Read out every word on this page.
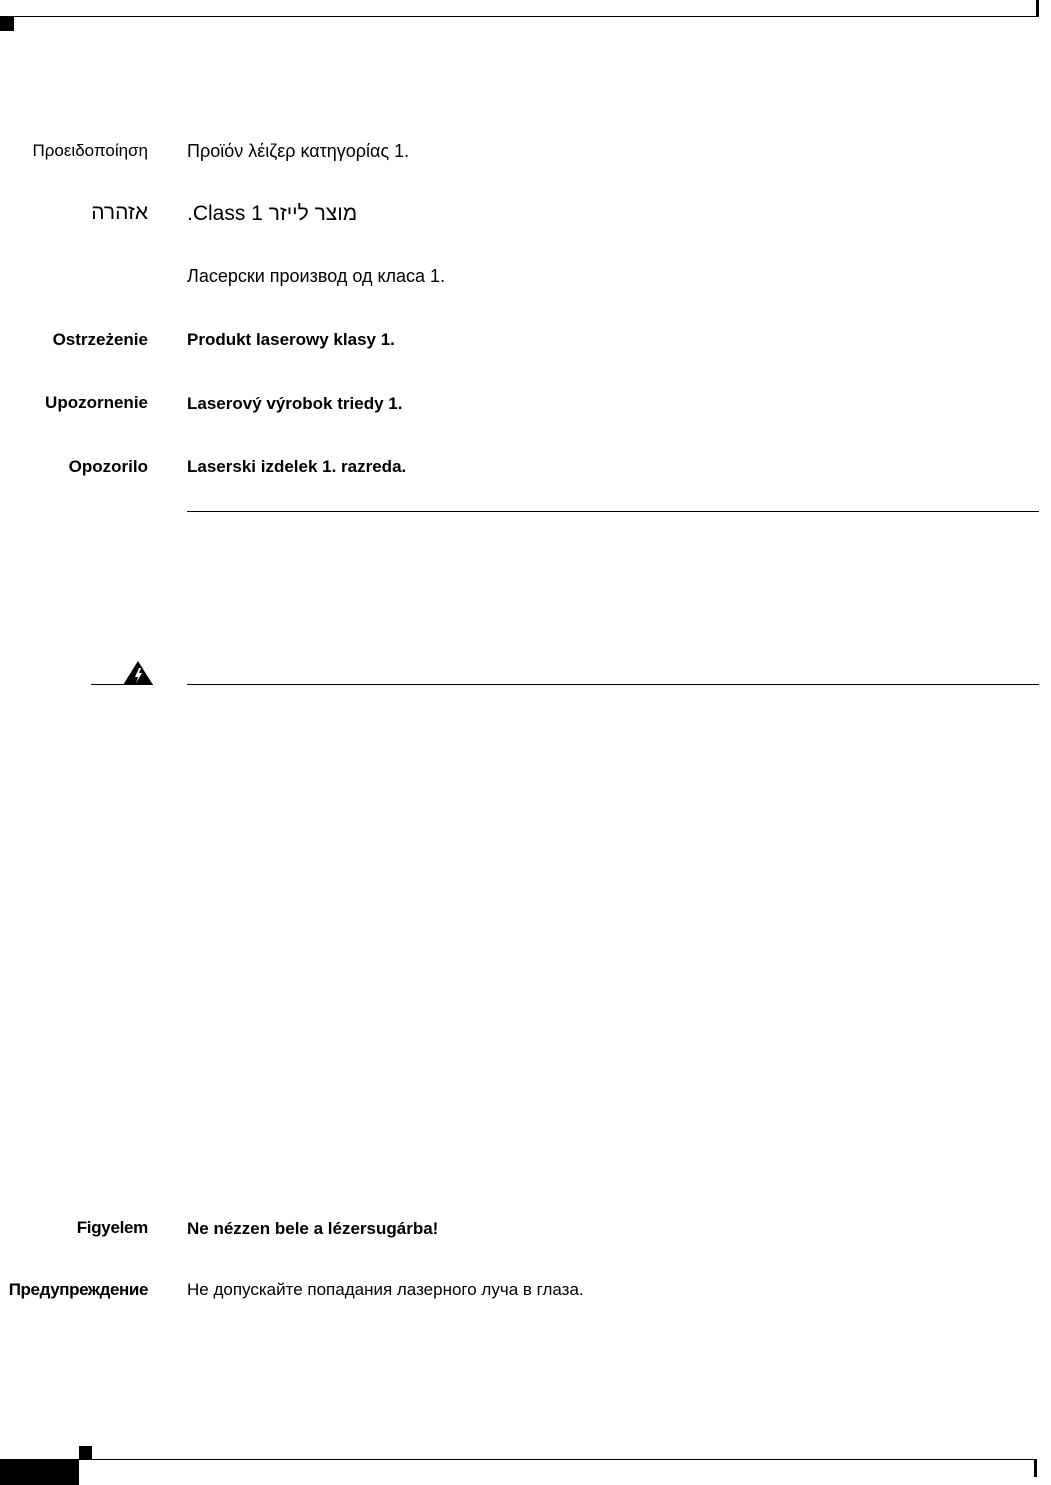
Προειδοποίηση Προϊόν λέιζερ κατηγορίας 1.
אזהרה .Class 1 מוצר לייזר
Ласерски производ од класа 1.
Ostrzeżenie Produkt laserowy klasy 1.
Upozornenie Laserový výrobok triedy 1.
Opozorilo Laserski izdelek 1. razreda.
Figyelem Ne nézzen bele a lézersugárba!
Предупреждение Не допускайте попадания лазерного луча в глаза.
